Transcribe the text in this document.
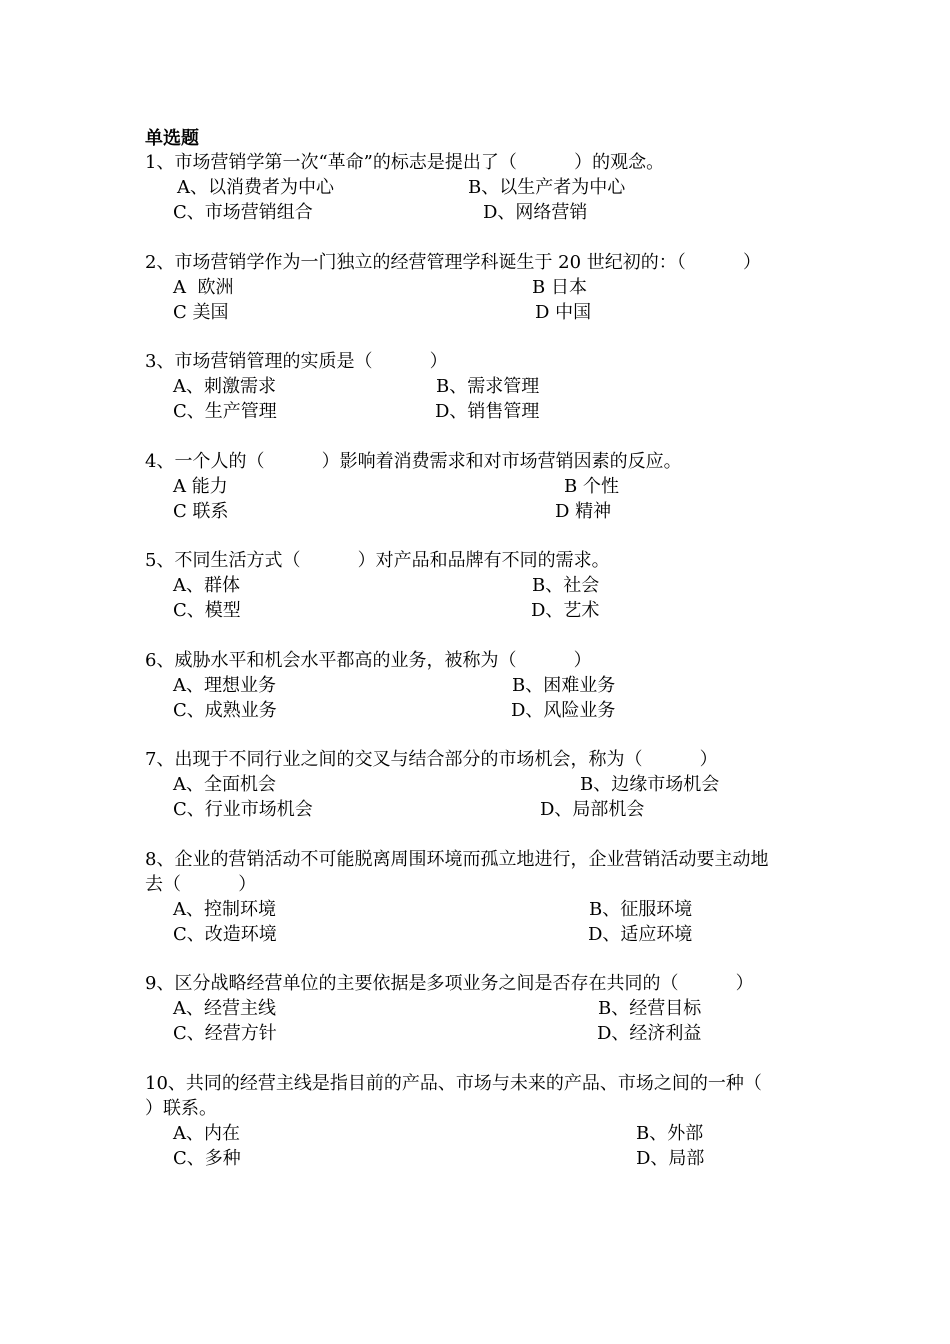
单选题
1、市场营销学第一次“革命”的标志是提出了（          ）的观念。
A、以消费者为中心	B、以生产者为中心
C、市场营销组合	D、网络营销
2、市场营销学作为一门独立的经营管理学科诞生于 20 世纪初的：（          ）
A  欧洲	B 日本
C 美国	D 中国
3、市场营销管理的实质是（          ）
A、刺激需求	B、需求管理
C、生产管理	D、销售管理
4、一个人的（          ）影响着消费需求和对市场营销因素的反应。
A 能力	B 个性
C 联系	D 精神
5、不同生活方式（          ）对产品和品牌有不同的需求。
A、群体	B、社会
C、模型	D、艺术
6、威胁水平和机会水平都高的业务，被称为（          ）
A、理想业务	B、困难业务
C、成熟业务	D、风险业务
7、出现于不同行业之间的交叉与结合部分的市场机会，称为（          ）
A、全面机会	B、边缘市场机会
C、行业市场机会	D、局部机会
8、企业的营销活动不可能脱离周围环境而孤立地进行，企业营销活动要主动地
去（          ）
A、控制环境	B、征服环境
C、改造环境	D、适应环境
9、区分战略经营单位的主要依据是多项业务之间是否存在共同的（          ）
A、经营主线	B、经营目标
C、经营方针	D、经济利益
10、共同的经营主线是指目前的产品、市场与未来的产品、市场之间的一种（
）联系。
A、内在	B、外部
C、多种	D、局部
